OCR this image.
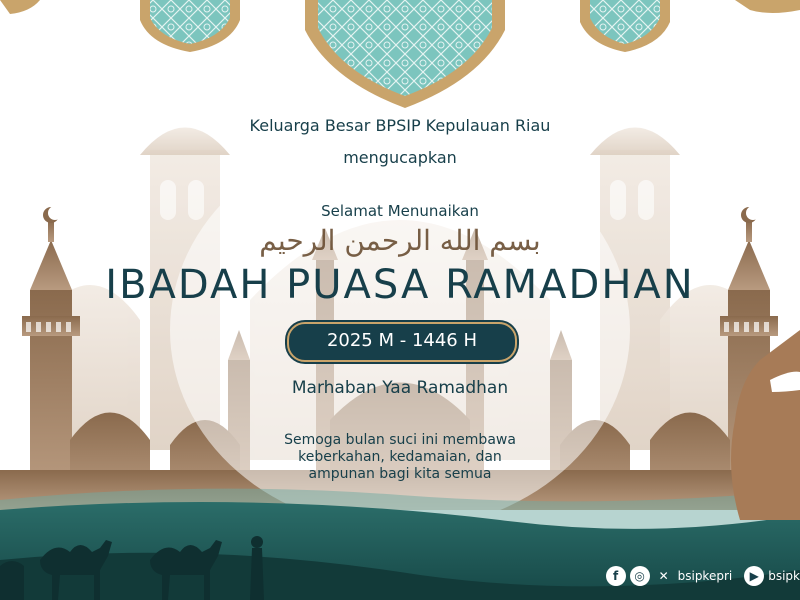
Keluarga Besar BPSIP Kepulauan Riau
mengucapkan
Selamat Menunaikan
بسم الله الرحمن الرحيم
IBADAH PUASA RAMADHAN
2025 M - 1446 H
Marhaban Yaa Ramadhan
Semoga bulan suci ini membawa
keberkahan, kedamaian, dan
ampunan bagi kita semua
f	◎	✕ bsipkepri	▶ bsipk
